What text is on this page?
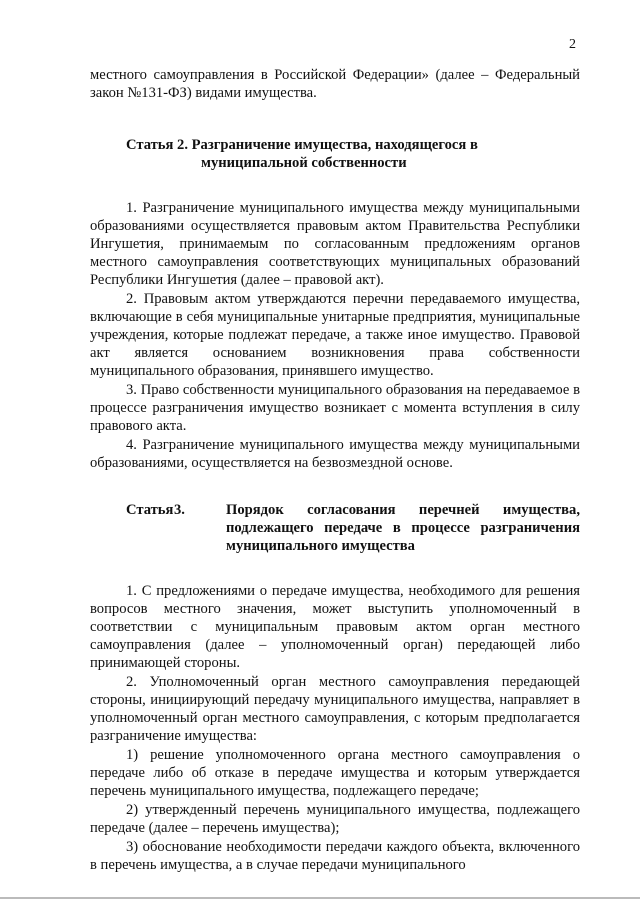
2

местного самоуправления в Российской Федерации» (далее – Федеральный закон №131-ФЗ) видами имущества.

Статья 2. Разграничение имущества, находящегося в
муниципальной собственности

1. Разграничение муниципального имущества между муниципальными образованиями осуществляется правовым актом Правительства Республики Ингушетия, принимаемым по согласованным предложениям органов местного самоуправления соответствующих муниципальных образований Республики Ингушетия (далее – правовой акт).

2. Правовым актом утверждаются перечни передаваемого имущества, включающие в себя муниципальные унитарные предприятия, муниципальные учреждения, которые подлежат передаче, а также иное имущество. Правовой акт является основанием возникновения права собственности муниципального образования, принявшего имущество.

3. Право собственности муниципального образования на передаваемое в процессе разграничения имущество возникает с момента вступления в силу правового акта.

4. Разграничение муниципального имущества между муниципальными образованиями, осуществляется на безвозмездной основе.

Статья 3.	Порядок согласования перечней имущества, подлежащего передаче в процессе разграничения муниципального имущества

1. С предложениями о передаче имущества, необходимого для решения вопросов местного значения, может выступить уполномоченный в соответствии с муниципальным правовым актом орган местного самоуправления (далее – уполномоченный орган) передающей либо принимающей стороны.

2. Уполномоченный орган местного самоуправления передающей стороны, инициирующий передачу муниципального имущества, направляет в уполномоченный орган местного самоуправления, с которым предполагается разграничение имущества:

1) решение уполномоченного органа местного самоуправления о передаче либо об отказе в передаче имущества и которым утверждается перечень муниципального имущества, подлежащего передаче;

2) утвержденный перечень муниципального имущества, подлежащего передаче (далее – перечень имущества);

3) обоснование необходимости передачи каждого объекта, включенного в перечень имущества, а в случае передачи муниципального
